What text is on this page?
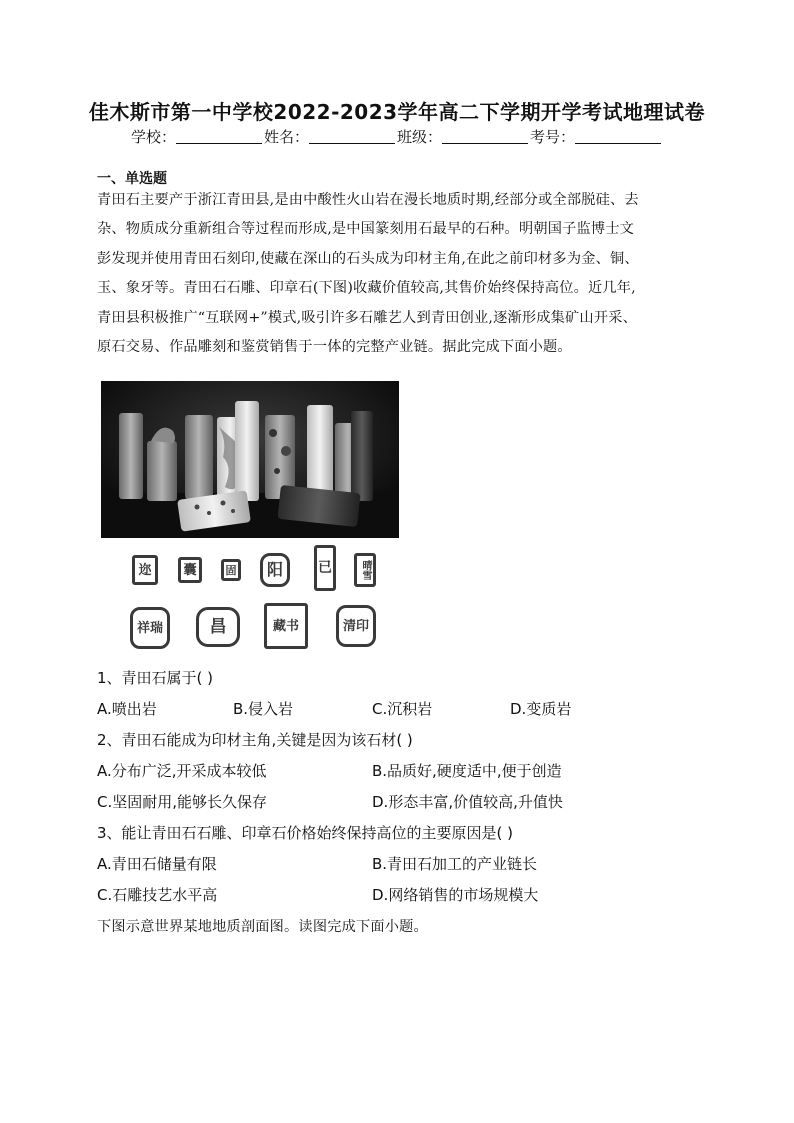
佳木斯市第一中学校2022-2023学年高二下学期开学考试地理试卷
学校：	姓名：	班级：	考号：
一、单选题
青田石主要产于浙江青田县,是由中酸性火山岩在漫长地质时期,经部分或全部脱硅、去
杂、物质成分重新组合等过程而形成,是中国篆刻用石最早的石种。明朝国子监博士文
彭发现并使用青田石刻印,使藏在深山的石头成为印材主角,在此之前印材多为金、铜、
玉、象牙等。青田石石雕、印章石(下图)收藏价值较高,其售价始终保持高位。近几年,
青田县积极推广“互联网+”模式,吸引许多石雕艺人到青田创业,逐渐形成集矿山开采、
原石交易、作品雕刻和鉴赏销售于一体的完整产业链。据此完成下面小题。
迩	囊	固	阳	已	晴雪
祥瑞	昌	藏书	清印
1、青田石属于( )
A.喷出岩	B.侵入岩	C.沉积岩	D.变质岩
2、青田石能成为印材主角,关键是因为该石材( )
A.分布广泛,开采成本较低	B.品质好,硬度适中,便于创造
C.坚固耐用,能够长久保存	D.形态丰富,价值较高,升值快
3、能让青田石石雕、印章石价格始终保持高位的主要原因是( )
A.青田石储量有限	B.青田石加工的产业链长
C.石雕技艺水平高	D.网络销售的市场规模大
下图示意世界某地地质剖面图。读图完成下面小题。
